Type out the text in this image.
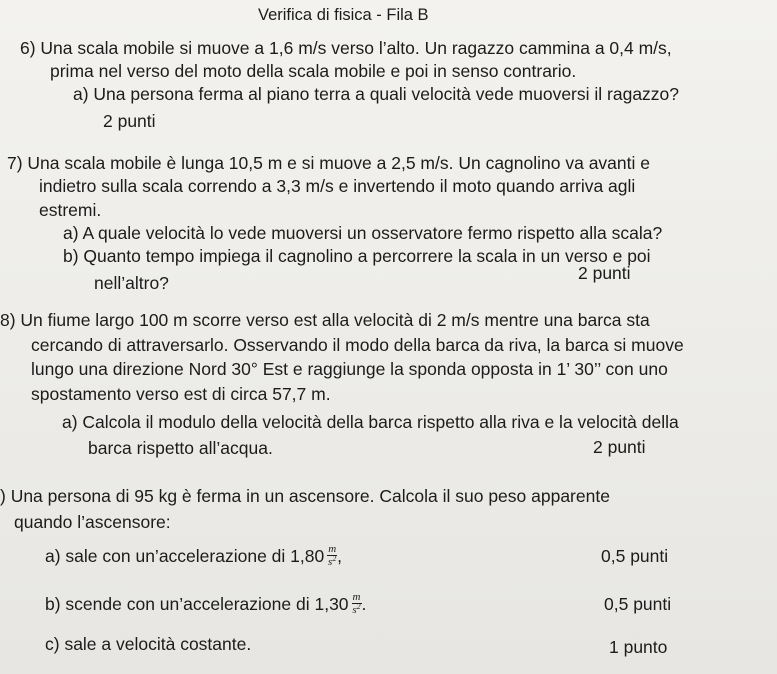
Verifica di fisica - Fila B
6) Una scala mobile si muove a 1,6 m/s verso l’alto. Un ragazzo cammina a 0,4 m/s,
prima nel verso del moto della scala mobile e poi in senso contrario.
a) Una persona ferma al piano terra a quali velocità vede muoversi il ragazzo?
2 punti
7) Una scala mobile è lunga 10,5 m e si muove a 2,5 m/s. Un cagnolino va avanti e
indietro sulla scala correndo a 3,3 m/s e invertendo il moto quando arriva agli
estremi.
a) A quale velocità lo vede muoversi un osservatore fermo rispetto alla scala?
b) Quanto tempo impiega il cagnolino a percorrere la scala in un verso e poi
nell’altro?	2 punti
8) Un fiume largo 100 m scorre verso est alla velocità di 2 m/s mentre una barca sta
cercando di attraversarlo. Osservando il modo della barca da riva, la barca si muove
lungo una direzione Nord 30° Est e raggiunge la sponda opposta in 1’ 30’’ con uno
spostamento verso est di circa 57,7 m.
a) Calcola il modulo della velocità della barca rispetto alla riva e la velocità della
barca rispetto all’acqua.	2 punti
) Una persona di 95 kg è ferma in un ascensore. Calcola il suo peso apparente
quando l’ascensore:
a) sale con un’accelerazione di $1,80 \frac{m}{s^2}$ ,	0,5 punti
b) scende con un’accelerazione di $1,30 \frac{m}{s^2}$ .	0,5 punti
c) sale a velocità costante.	1 punto
